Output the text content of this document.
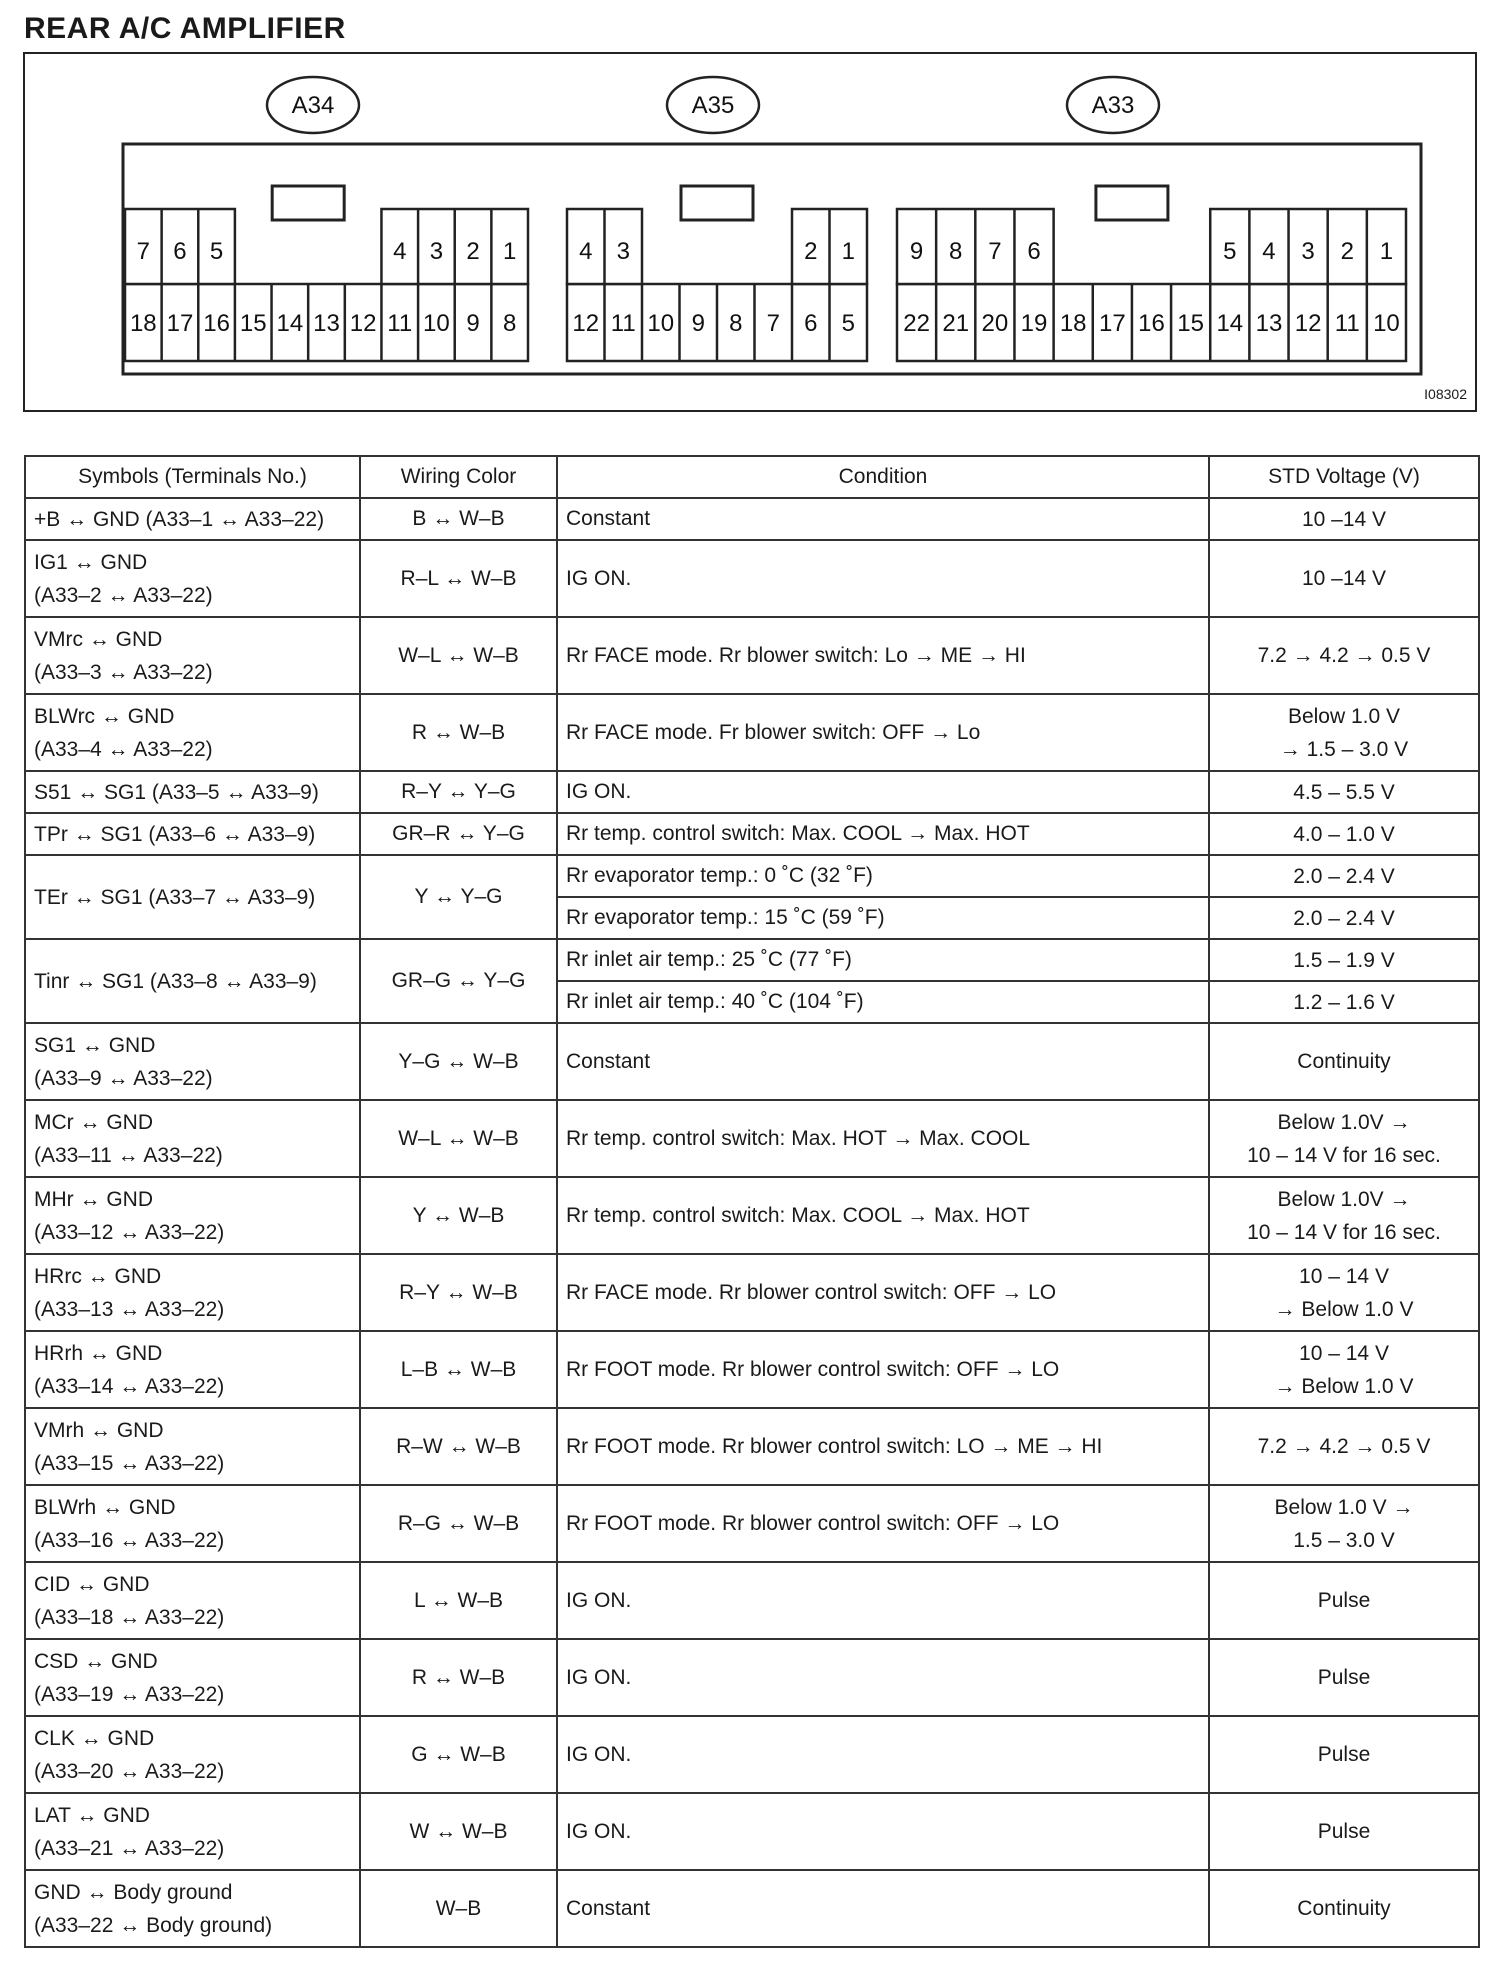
REAR A/C AMPLIFIER
A34
18 17 16 15 14 13 12 11 10 9 8
7 6 5	4 3 2 1
A35
12 11 10 9 8 7 6 5
4 3	2 1
A33
22 21 20 19 18 17 16 15 14 13 12 11 10
9 8 7 6	5 4 3 2 1
I08302
Symbols (Terminals No.)	Wiring Color	Condition	STD Voltage (V)

+B ↔ GND (A33–1 ↔ A33–22)	B ↔ W–B	Constant	10 –14 V

IG1 ↔ GND
(A33–2 ↔ A33–22)	R–L ↔ W–B	IG ON.	10 –14 V

VMrc ↔ GND
(A33–3 ↔ A33–22)	W–L ↔ W–B	Rr FACE mode. Rr blower switch: Lo → ME → HI	7.2 → 4.2 → 0.5 V

BLWrc ↔ GND
(A33–4 ↔ A33–22)	R ↔ W–B	Rr FACE mode. Fr blower switch: OFF → Lo	Below 1.0 V
→ 1.5 – 3.0 V

S51 ↔ SG1 (A33–5 ↔ A33–9)	R–Y ↔ Y–G	IG ON.	4.5 – 5.5 V

TPr ↔ SG1 (A33–6 ↔ A33–9)	GR–R ↔ Y–G	Rr temp. control switch: Max. COOL → Max. HOT	4.0 – 1.0 V

TEr ↔ SG1 (A33–7 ↔ A33–9)	Y ↔ Y–G	Rr evaporator temp.: 0 ˚C (32 ˚F)	2.0 – 2.4 V

		Rr evaporator temp.: 15 ˚C (59 ˚F)	2.0 – 2.4 V

Tinr ↔ SG1 (A33–8 ↔ A33–9)	GR–G ↔ Y–G	Rr inlet air temp.: 25 ˚C (77 ˚F)	1.5 – 1.9 V

		Rr inlet air temp.: 40 ˚C (104 ˚F)	1.2 – 1.6 V

SG1 ↔ GND
(A33–9 ↔ A33–22)	Y–G ↔ W–B	Constant	Continuity

MCr ↔ GND
(A33–11 ↔ A33–22)	W–L ↔ W–B	Rr temp. control switch: Max. HOT → Max. COOL	Below 1.0V →
10 – 14 V for 16 sec.

MHr ↔ GND
(A33–12 ↔ A33–22)	Y ↔ W–B	Rr temp. control switch: Max. COOL → Max. HOT	Below 1.0V →
10 – 14 V for 16 sec.

HRrc ↔ GND
(A33–13 ↔ A33–22)	R–Y ↔ W–B	Rr FACE mode. Rr blower control switch: OFF → LO	10 – 14 V
→ Below 1.0 V

HRrh ↔ GND
(A33–14 ↔ A33–22)	L–B ↔ W–B	Rr FOOT mode. Rr blower control switch: OFF → LO	10 – 14 V
→ Below 1.0 V

VMrh ↔ GND
(A33–15 ↔ A33–22)	R–W ↔ W–B	Rr FOOT mode. Rr blower control switch: LO → ME → HI	7.2 → 4.2 → 0.5 V

BLWrh ↔ GND
(A33–16 ↔ A33–22)	R–G ↔ W–B	Rr FOOT mode. Rr blower control switch: OFF → LO	Below 1.0 V →
1.5 – 3.0 V

CID ↔ GND
(A33–18 ↔ A33–22)	L ↔ W–B	IG ON.	Pulse

CSD ↔ GND
(A33–19 ↔ A33–22)	R ↔ W–B	IG ON.	Pulse

CLK ↔ GND
(A33–20 ↔ A33–22)	G ↔ W–B	IG ON.	Pulse

LAT ↔ GND
(A33–21 ↔ A33–22)	W ↔ W–B	IG ON.	Pulse

GND ↔ Body ground
(A33–22 ↔ Body ground)	W–B	Constant	Continuity
